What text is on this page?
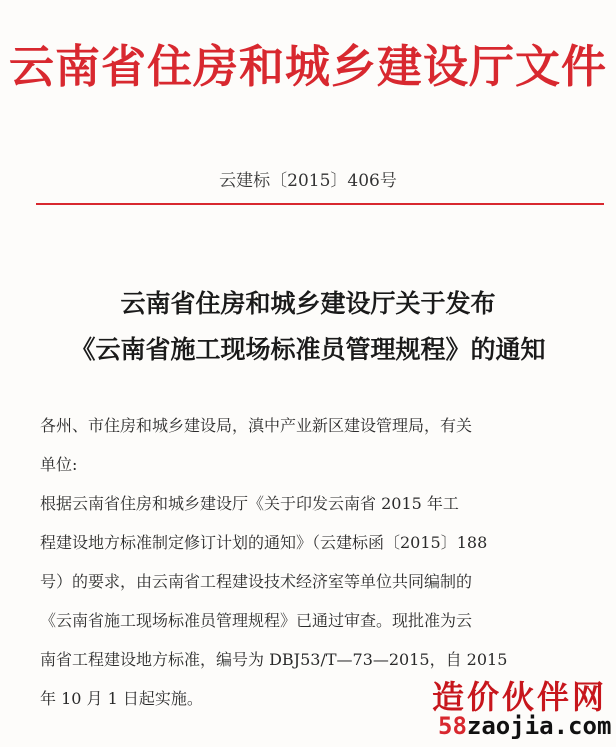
云南省住房和城乡建设厅文件
云建标〔2015〕406号
云南省住房和城乡建设厅关于发布
《云南省施工现场标准员管理规程》的通知
各州、市住房和城乡建设局，滇中产业新区建设管理局，有关
单位:
根据云南省住房和城乡建设厅《关于印发云南省 2015 年工
程建设地方标准制定修订计划的通知》（云建标函〔2015〕188
号）的要求，由云南省工程建设技术经济室等单位共同编制的
《云南省施工现场标准员管理规程》已通过审查。现批准为云
南省工程建设地方标准，编号为 DBJ53/T—73—2015，自 2015
年 10 月 1 日起实施。	造价伙伴网
58zaojia.com
